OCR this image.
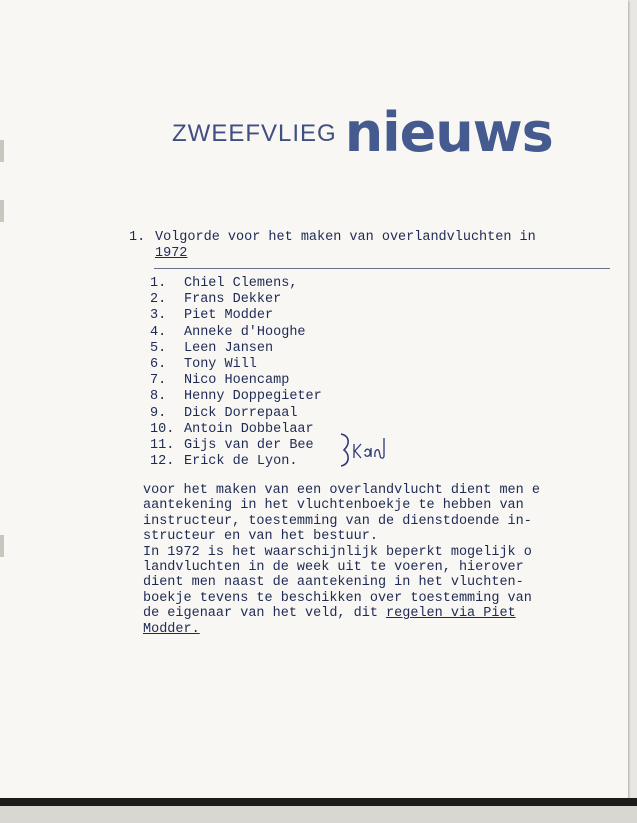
ZWEEFVLIEG nieuws
1. Volgorde voor het maken van overlandvluchten in
1972
1. Chiel Clemens,
2. Frans Dekker
3. Piet Modder
4. Anneke d'Hooghe
5. Leen Jansen
6. Tony Will
7. Nico Hoencamp
8. Henny Doppegieter
9. Dick Dorrepaal
10. Antoin Dobbelaar
11. Gijs van der Bee
12. Erick de Lyon.
voor het maken van een overlandvlucht dient men e
aantekening in het vluchtenboekje te hebben van
instructeur, toestemming van de dienstdoende in-
structeur en van het bestuur.
In 1972 is het waarschijnlijk beperkt mogelijk o
landvluchten in de week uit te voeren, hierover
dient men naast de aantekening in het vluchten-
boekje tevens te beschikken over toestemming van
de eigenaar van het veld, dit regelen via Piet
Modder.
